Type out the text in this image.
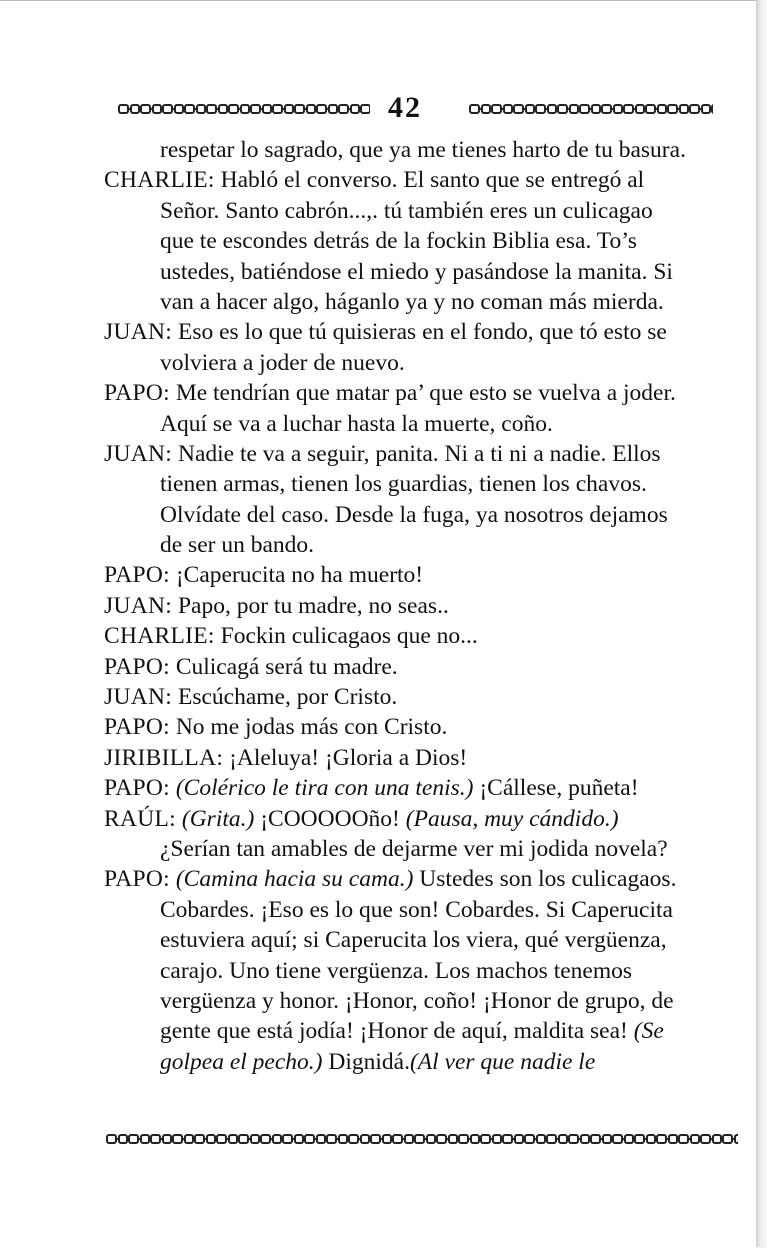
42
respetar lo sagrado, que ya me tienes harto de tu basura.
CHARLIE: Habló el converso. El santo que se entregó al
Señor. Santo cabrón...,. tú también eres un culicagao
que te escondes detrás de la fockin Biblia esa. To’s
ustedes, batiéndose el miedo y pasándose la manita. Si
van a hacer algo, háganlo ya y no coman más mierda.
JUAN: Eso es lo que tú quisieras en el fondo, que tó esto se
volviera a joder de nuevo.
PAPO: Me tendrían que matar pa’ que esto se vuelva a joder.
Aquí se va a luchar hasta la muerte, coño.
JUAN: Nadie te va a seguir, panita. Ni a ti ni a nadie. Ellos
tienen armas, tienen los guardias, tienen los chavos.
Olvídate del caso. Desde la fuga, ya nosotros dejamos
de ser un bando.
PAPO: ¡Caperucita no ha muerto!
JUAN: Papo, por tu madre, no seas..
CHARLIE: Fockin culicagaos que no...
PAPO: Culicagá será tu madre.
JUAN: Escúchame, por Cristo.
PAPO: No me jodas más con Cristo.
JIRIBILLA: ¡Aleluya! ¡Gloria a Dios!
PAPO: (Colérico le tira con una tenis.) ¡Cállese, puñeta!
RAÚL: (Grita.) ¡COOOOOño! (Pausa, muy cándido.)
¿Serían tan amables de dejarme ver mi jodida novela?
PAPO: (Camina hacia su cama.) Ustedes son los culicagaos.
Cobardes. ¡Eso es lo que son! Cobardes. Si Caperucita
estuviera aquí; si Caperucita los viera, qué vergüenza,
carajo. Uno tiene vergüenza. Los machos tenemos
vergüenza y honor. ¡Honor, coño! ¡Honor de grupo, de
gente que está jodía! ¡Honor de aquí, maldita sea! (Se
golpea el pecho.) Dignidá.(Al ver que nadie le
